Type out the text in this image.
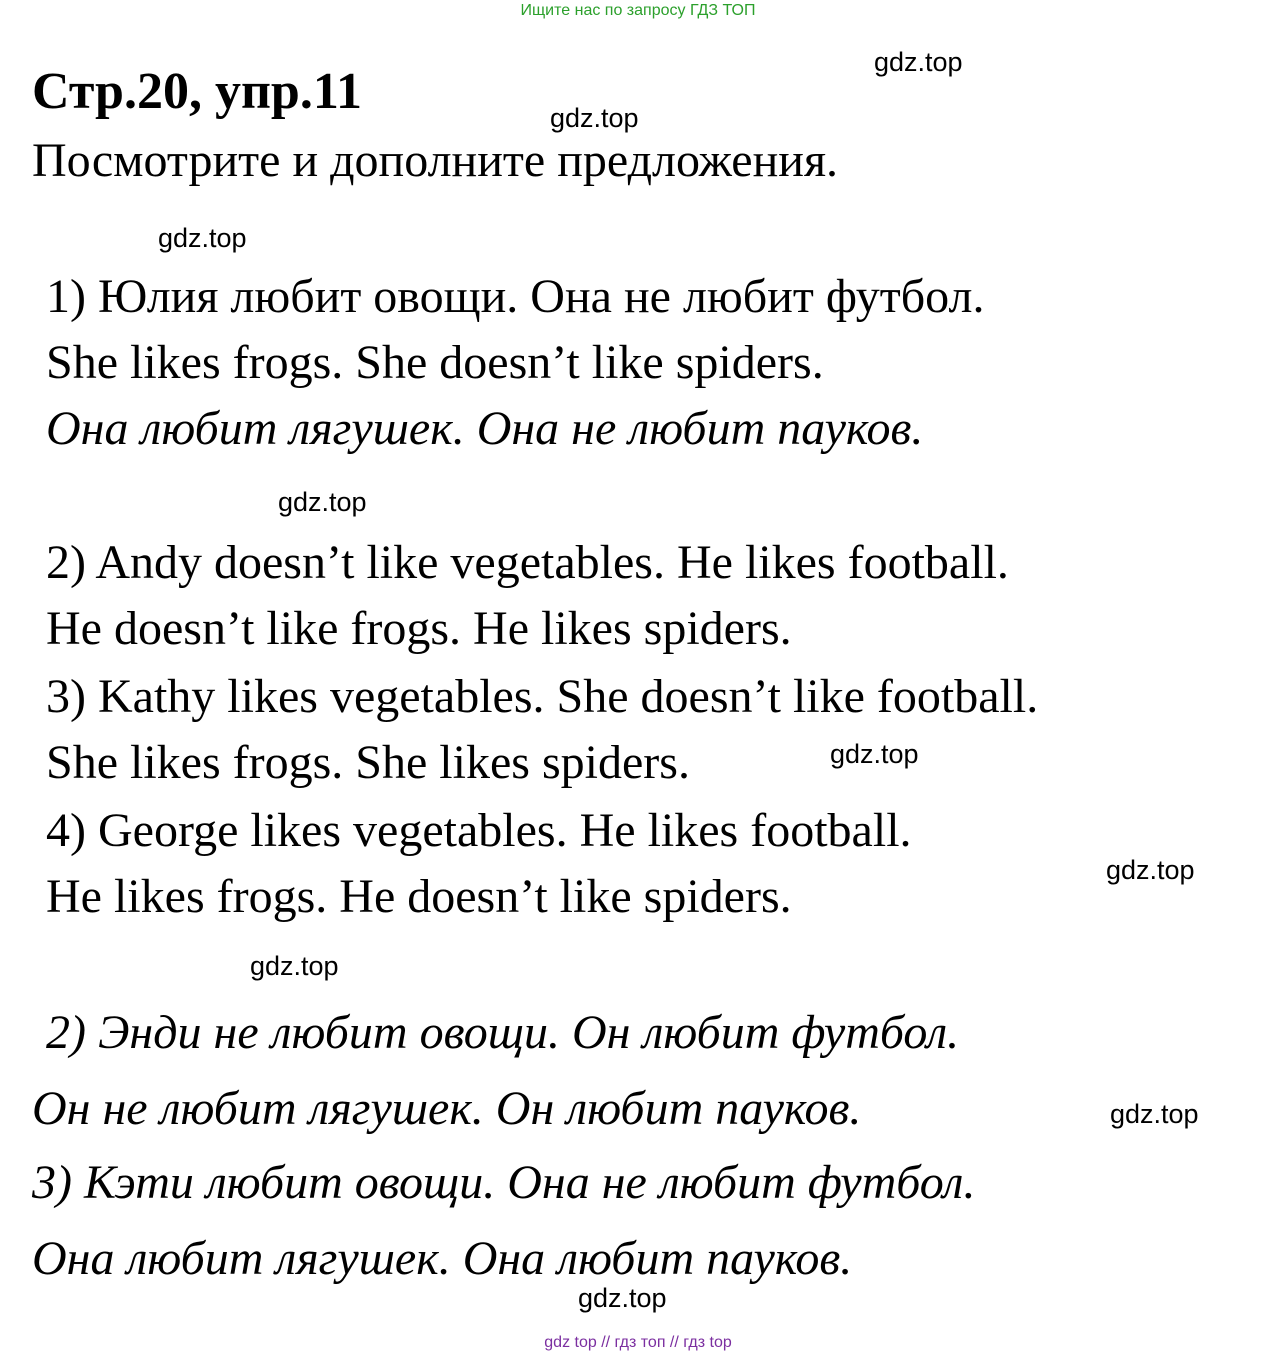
Ищите нас по запросу ГДЗ ТОП
Стр.20, упр.11
Посмотрите и дополните предложения.
1) Юлия любит овощи. Она не любит футбол.
She likes frogs. She doesn’t like spiders.
Она любит лягушек. Она не любит пауков.
2) Andy doesn’t like vegetables. He likes football.
He doesn’t like frogs. He likes spiders.
3) Kathy likes vegetables. She doesn’t like football.
She likes frogs. She likes spiders.
4) George likes vegetables. He likes football.
He likes frogs. He doesn’t like spiders.
2) Энди не любит овощи. Он любит футбол.
Он не любит лягушек. Он любит пауков.
3) Кэти любит овощи. Она не любит футбол.
Она любит лягушек. Она любит пауков.
gdz.top
gdz.top
gdz.top
gdz.top
gdz.top
gdz.top
gdz.top
gdz.top
gdz.top
gdz top // гдз топ // гдз top
